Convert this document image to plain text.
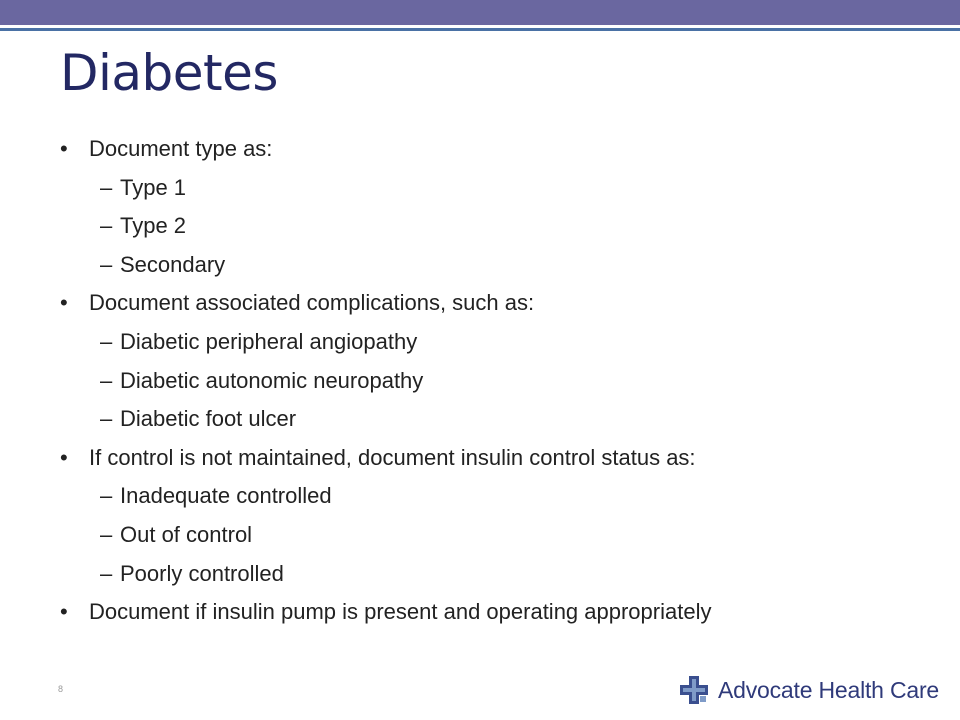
Diabetes
• Document type as:
– Type 1
– Type 2
– Secondary
• Document associated complications, such as:
– Diabetic peripheral angiopathy
– Diabetic autonomic neuropathy
– Diabetic foot ulcer
• If control is not maintained, document insulin control status as:
– Inadequate controlled
– Out of control
– Poorly controlled
• Document if insulin pump is present and operating appropriately
8	Advocate Health Care
